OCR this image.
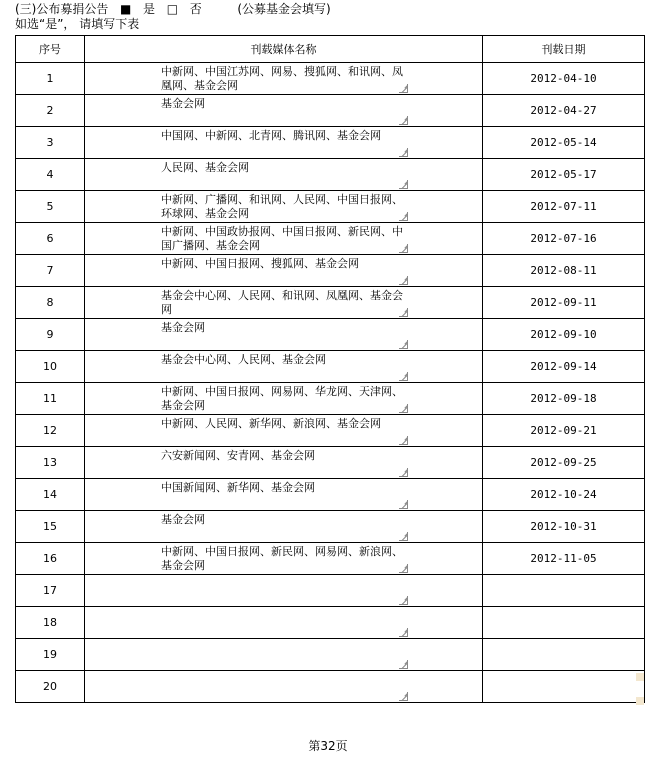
(三)公布募捐公告 ■ 是 □ 否	(公募基金会填写)
如选“是”， 请填写下表
序号	刊载媒体名称	刊载日期
1	中新网、中国江苏网、网易、搜狐网、和讯网、凤凰网、基金会网	2012-04-10
2	基金会网	2012-04-27
3	中国网、中新网、北青网、腾讯网、基金会网	2012-05-14
4	人民网、基金会网	2012-05-17
5	中新网、广播网、和讯网、人民网、中国日报网、环球网、基金会网	2012-07-11
6	中新网、中国政协报网、中国日报网、新民网、中国广播网、基金会网	2012-07-16
7	中新网、中国日报网、搜狐网、基金会网	2012-08-11
8	基金会中心网、人民网、和讯网、凤凰网、基金会网	2012-09-11
9	基金会网	2012-09-10
10	基金会中心网、人民网、基金会网	2012-09-14
11	中新网、中国日报网、网易网、华龙网、天津网、基金会网	2012-09-18
12	中新网、人民网、新华网、新浪网、基金会网	2012-09-21
13	六安新闻网、安青网、基金会网	2012-09-25
14	中国新闻网、新华网、基金会网	2012-10-24
15	基金会网	2012-10-31
16	中新网、中国日报网、新民网、网易网、新浪网、基金会网	2012-11-05
17	

18	

19	

20	

第32页
